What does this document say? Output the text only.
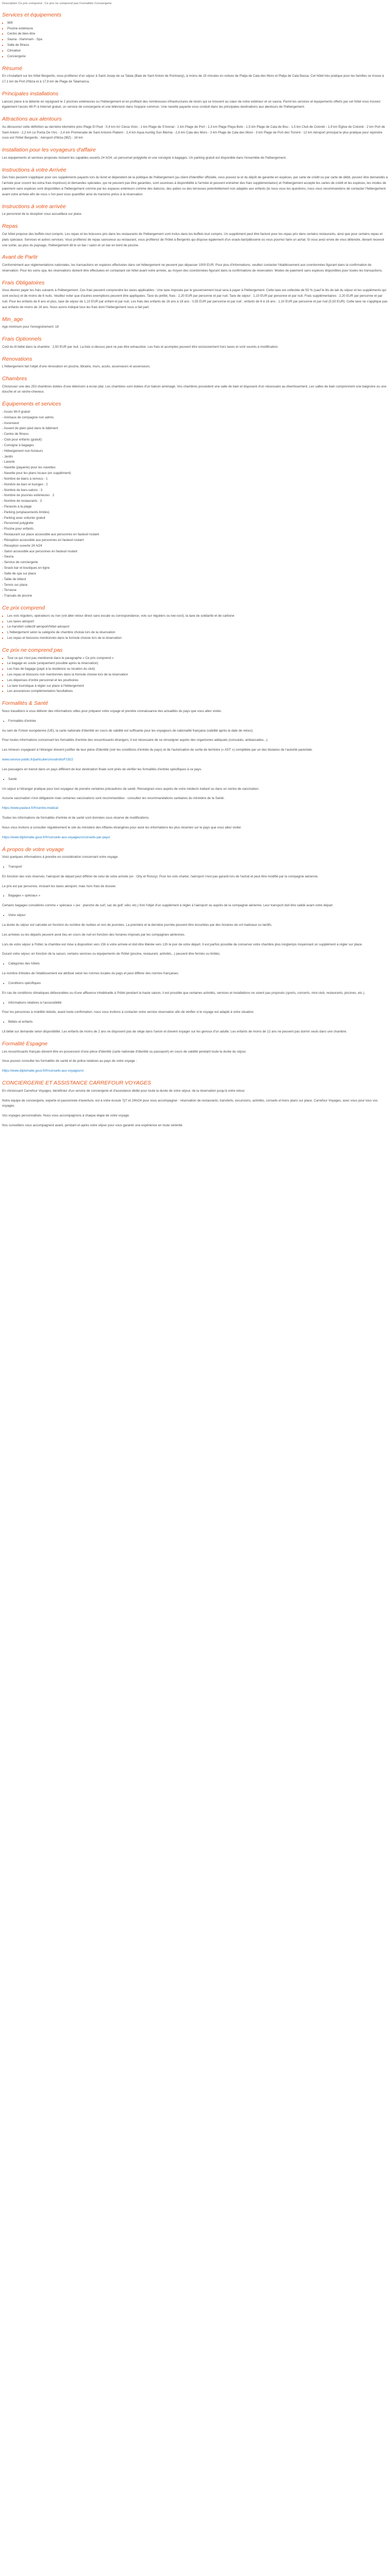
Description Ce prix comprend : Ce prix ne comprend pas Formalités Conciergerie
Services et équipements
▪ Wifi
▪ Piscine extérieure
▪ Centre de bien-être
▪ Sauna - Hammam - Spa
▪ Salle de fitness
▪ Climatisé
▪ Conciergerie
Résumé

En s'installant sur les hôtel Bergenlis, vous profiterez d'un séjour à Saint Josep de sa Talaia (Baie de Sant Antoni de Portmany), à moins de 15 minutes en voiture de Platja de Cala des Moro et Platja de Cala Bassa. Cet hôtel très pratique pour les familles se trouve à 17,1 km de Port d'Ibiza et à 17,9 km de Plage de Talamanca.

Principales installations

Laissez place à la détente en rejoignant le 2 piscines extérieures ou l'hébergement et en profitant des nombreuses infrastructures de loisirs qui se trouvent au cœur de notre extérieur et un sauna. Parmi les services et équipements offerts par cet hôtel vous trouvez également l'accès Wi-Fi à Internet gratuit, un service de conciergerie et une télévision dans l'espace commun. Une navette payante vous conduit dans les principales destinations aux alentours de l'hébergement.

Attractions aux alentours

Au découvrez cette définition au dernière kilomètre près Plage El Puet : 0,4 km Arr Ciesa Vicio - 1 km Plage de S'Arenal - 1 km Plage de Port - 1,3 km Plage Playa Bolo - 1,5 km Plage de Cala de Bou - 1,5 km Club de Colonié - 1,9 km Église de Colonié - 2 km Port de Sant Antoni - 2,2 km Le Punta De l'Arc - 2,4 km Promenade de Sant Antonio Platiem - 2,4 km Aqua Aumtig Sun Blemia - 2,6 km Cala des Moro - 3 km Plage de Cala des Moro - 3 km Plage de Port des Torrent - 12 km Aéroport principal le plus pratique pour rejoindre cous est l'hôtel Bergenlis : Aéroport d'Ibiza (IBZ) - 18 km

Installation pour les voyageurs d'affaire

Les équipements et services proposés incluent les capables ouverts 24 h/24, un personnel polyglotte et une consigne à bagages. Un parking gratuit est disponible dans l'ensemble de l'hébergement.

Instructions à votre Arrivée

Des frais peuvent s'appliquer pour ces suppléments payants lors du livret et dépendent de la politique de l'hébergement (au client d'identifier officielle, vous pouvez la et du dépôt de garantie en espèces, par carte de crédit ou par carte de débit, pouvez être demandés à l'arrivée pour couvrir les extra frais imprévus) et demandes spéciales, qui ne peuvent pas être garanties, sont soumises à disponibilité à l'arrivée et peuvent entraîner des frais supplémentaires) et l'hébergement accepte les cartes de crédit et les espèces, les modes de paiement sans espèces sont disponibles à l'hébergement comme par les espaces extérieurs comme des balcons, des patios ou des terrasses potentiellement non adaptés aux enfants (le nous vous les questions, nous vous recommandons de contacter l'hébergement avant votre arrivée afin de vous s l'en peut vous quantifier ainsi du transmis prévu à la réservation.

Instructions à votre arrivée

Le personnel de la réception vous accueillera sur place.

Repas

Cet hôtel propose des buffets tout compris. Les repas et les boissons pris dans les restaurants de l'hébergement sont inclus dans les buffets tout compris. Un supplément peut être facturé pour les repas pris dans certains restaurants, ainsi que pour certains repas et plats spéciaux. Services et autres services. Vous profiterez de repas savoureux au restaurant, vous profiterez de l'hôtel à Bergenlis qui dispose également d'un snack-bar/pâtisserie où vous pourrez faire un achat. Si vous avez envie de vous détendre, devant recevoir une sortie, au plus du paysage, l'hébergement dit le un bar / salon et un bar en bord de piscine.

Avant de Partir

Conformément aux réglementations nationales, les transactions en espèces effectuées dans cet hébergement ne peuvent pas dépasser 1000 EUR. Pour plus d'informations, veuillez contacter l'établissement aux coordonnées figurant dans la confirmation de réservation. Pour les soins spa, les réservations doivent être effectuées en contactant cet hôtel avant votre arrivée, au moyen des coordonnées figurant dans la confirmations de réservation. Modes de paiement sans espèces disponibles pour toutes les transactions.

Frais Obligatoires

Vous devrez payer les frais suivants à l'hébergement. Ces frais peuvent comprendre les taxes applicables : Une taxe imposée par le gouvernement local sera à payer à l'hébergement. Cette taxe est collectée de 50 % (sauf le lits de lait du séjour et les suppléments qui sont exclus) et de moins de 6 nuits. Veuillez noter que d'autres exemptions peuvent être appliquées. Taxe du préfet, frais : 2,20 EUR par personne et par nuit. Taxe de séjour : 1,10 EUR par personne et par nuit. Frais supplémentaires : 2,20 EUR par personne et par nuit. Pour les enfants de 6 ans et plus, taxe de séjour de 1,10 EUR par enfant et par nuit. Les frais des enfants de 16 ans à 18 ans : 0,55 EUR par personne et par nuit ; enfants de 6 à 16 ans : 1,10 EUR par personne et par nuit (5,50 EUR). Cette taxe ne s'applique pas aux enfants de moins de 16 ans. Nous avons indiqué tous les frais dont l'hébergement nous a fait part.

Min_age

Age minimum pour l'enregistrement: 18

Frais Optionnels

Coût du lit bébé dans la chambre : 2,50 EUR par nuit. La liste ci-dessus peut ne pas être exhaustive. Les frais et acomptes peuvent être exclusivement hors taxes et sont soumis à modification.

Renovations

L'hébergement fait l'objet d'une rénovation en piscine, librairie, murs, accès, ascenseurs et ascenseurs.

Chambres

Choisissez une des 253 chambres dotées d'une télévision à écran plat. Les chambres sont dotées d'un balcon aménagé. Vos chambres possèdent une salle de bain et disposent d'un nécessaire au divertissement. Les salles de bain comprennent une baignoire ou une douche et un sèche-cheveux.

Équipements et services
- Accès Wi-fi gratuit
- Animaux de compagnie non admis
- Ascenseur
- Auvent de plein pied dans le bâtiment
- Centre de fitness
- Club pour enfants (gratuit)
- Consigne à bagages
- Hébergement non-fumeurs
- Jardin
- Laverie
- Navette (payante) pour les navettes
- Navette pour les plans locaux (en supplément)
- Nombre de bains à remous : 1
- Nombre de bars et lounges : 2
- Nombre de bars-salons : 3
- Nombre de piscines extérieures : 2
- Nombre de restaurants : 3
- Parasols à la plage
- Parking (emplacements limités)
- Parking avec voiturier gratuit
- Personnel polyglotte
- Piscine pour enfants
- Restaurant sur place accessible aux personnes en fauteuil roulant
- Réception accessible aux personnes en fauteuil roulant
- Réception ouverte 24 h/24
- Salon accessible aux personnes en fauteuil roulant
- Sauna
- Service de conciergerie
- Snack bar et boutiques en ligne
- Salle de spa sur place
- Table de billard
- Tennis sur place
- Terrasse
- Transats de piscine
Ce prix comprend
▪ Les vols réguliers, opérateurs ou non (vol aller-retour direct sans escale ou correspondance, vols sur réguliers ou low-cost), la taxe de solidarité et de carbone
▪ Les taxes aéroport
▪ Le transfert collectif aéroport/hôtel aéroport
▪ L'hébergement selon la catégorie de chambre choisie lors de la réservation
▪ Les repas et boissons mentionnés dans la formule choisie lors de la réservation
Ce prix ne comprend pas
▪ Tout ce qui n'est pas mentionné dans le paragraphe « Ce prix comprend »
▪ Le bagage en soute (uniquement possible après la réservation)
▪ Les frais de bagage (payé à la résidence ou location du club)
▪ Les repas et boissons non mentionnés dans la formule choisie lors de la réservation
▪ Les dépenses d'ordre personnel et les pourboires
▪ La taxe touristique à régler sur place à l'hébergement
▪ Les assurances complémentaires facultatives
Formalités & Santé

Nous travaillons à vous délivrer des informations utiles pour préparer votre voyage et prendre connaissance des actualités du pays que vous allez visiter.

• Formalités d'entrée

Au sein de l'Union européenne (UE), la carte nationale d'identité en cours de validité est suffisante pour les voyageurs de nationalité française (validité après la date de retour).

Pour toutes informations concernant les formalités d'entrée des ressortissants étrangers, il est nécessaire de se renseigner auprès des organismes adéquats (consulats, ambassades...).

Les mineurs voyageant à l'étranger doivent justifier de leur pièce d'identité (voir les conditions d'entrée du pays) et de l'autorisation de sortie de territoire (« AST ») complétée par un des titulaires de l'autorité parentale.

www.service-public.fr/particuliers/vosdroits/F1922

Les passagers en transit dans un pays différent de leur destination finale sont priés de vérifier les formalités d'entrée spécifiques à ce pays.

• Santé

Un séjour à l'étranger pratique pour tout voyageur de prendre certaines précautions de santé. Renseignez-vous auprès de votre médecin traitant ou dans un centre de vaccination.

Aucune vaccination n'est obligatoire mais certaines vaccinations sont recommandées : consultez les recommandations sanitaires du ministère de la Santé.

https://www.pasteur.fr/fr/centre-medical

Toutes les informations de formalités d'entrée et de santé sont données sous réserve de modifications.

Nous vous invitons à consulter régulièrement le site du ministère des Affaires étrangères pour avoir les informations les plus récentes sur le pays que vous allez visiter.

https://www.diplomatie.gouv.fr/fr/conseils-aux-voyageurs/conseils-par-pays/

À propos de votre voyage

Voici quelques informations à prendre en considération concernant votre voyage.

• Transport

En fonction des vols réservés, l'aéroport de départ peut différer de celui de votre arrivée (ex : Orly et Roissy). Pour les vols charter, l'aéroport n'est pas garanti lors de l'achat et peut être modifié par la compagnie aérienne.

Le prix est par personne, incluant les taxes aéroport, mais hors frais de dossier.

• Bagages « spéciaux »

Certains bagages considérés comme « spéciaux » (ex : planche de surf, sac de golf, vélo, etc.) font l'objet d'un supplément à régler à l'aéroport ou auprès de la compagnie aérienne. Leur transport doit être validé avant votre départ.

• Votre séjour

La durée du séjour est calculée en fonction du nombre de nuitées et non de journées. La première et la dernière journée peuvent être écourtées par des horaires de vol matinaux ou tardifs.

Les arrivées ou les départs peuvent avoir lieu en cours de nuit en fonction des horaires imposés par les compagnies aériennes.

Lors de votre séjour à l'hôtel, la chambre est mise à disposition vers 15h à votre arrivée et doit être libérée vers 12h le jour de votre départ. Il est parfois possible de conserver votre chambre plus longtemps moyennant un supplément à régler sur place.

Durant votre séjour, en fonction de la saison, certains services ou équipements de l'hôtel (piscine, restaurant, activités...) peuvent être fermés ou limités.

• Catégories des hôtels

Le nombre d'étoiles de l'établissement est attribué selon les normes locales du pays et peut différer des normes françaises.

• Conditions spécifiques

En cas de conditions climatiques défavorables ou d'une affluence inhabituelle à l'hôtel pendant la haute saison, il est possible que certaines activités, services et installations ne soient pas proposés (sports, concerts, mini-club, restaurants, piscines, etc.).

• Informations relatives à l'accessibilité

Pour les personnes à mobilité réduite, avant toute confirmation, nous vous invitons à contacter notre service réservation afin de vérifier si le voyage est adapté à votre situation.

• Bébés et enfants

Lit bébé sur demande selon disponibilité. Les enfants de moins de 2 ans ne disposent pas de siège dans l'avion et doivent voyager sur les genoux d'un adulte. Les enfants de moins de 12 ans ne peuvent pas dormir seuls dans une chambre.

Formalité Espagne

Les ressortissants français doivent être en possession d'une pièce d'identité (carte nationale d'identité ou passeport) en cours de validité pendant toute la durée du séjour.

Vous pouvez consulter les formalités de santé et de police relatives au pays de votre voyage :

https://www.diplomatie.gouv.fr/fr/conseils-aux-voyageurs/

CONCIERGERIE ET ASSISTANCE CARREFOUR VOYAGES

En choisissant Carrefour Voyages, bénéficiez d'un service de conciergerie et d'assistance dédié pour toute la durée de votre séjour, de la réservation jusqu'à votre retour.

Notre équipe de conciergerie, experte et passionnée d'aventure, est à votre écoute 7j/7 et 24h/24 pour vous accompagner : réservation de restaurants, transferts, excursions, activités, conseils et bons plans sur place. Carrefour Voyages, avec vous pour tous vos voyages.

Vos voyages personnalisés. Nous vous accompagnons à chaque étape de votre voyage.

Nos conseillers vous accompagnent avant, pendant et après votre séjour pour vous garantir une expérience en toute sérénité.
